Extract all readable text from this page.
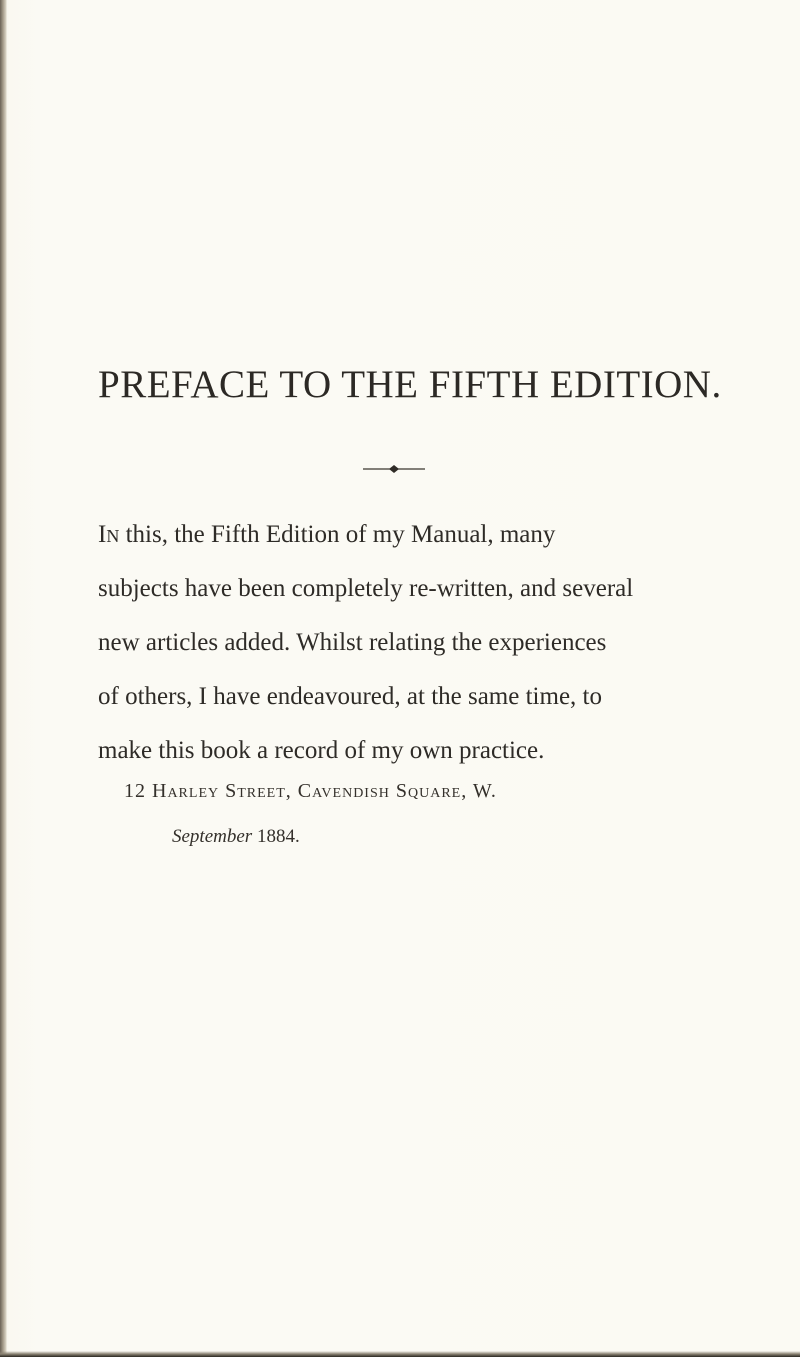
PREFACE TO THE FIFTH EDITION.

In this, the Fifth Edition of my Manual, many
subjects have been completely re-written, and several
new articles added. Whilst relating the experiences
of others, I have endeavoured, at the same time, to
make this book a record of my own practice.

12 Harley Street, Cavendish Square, W.
September 1884.
